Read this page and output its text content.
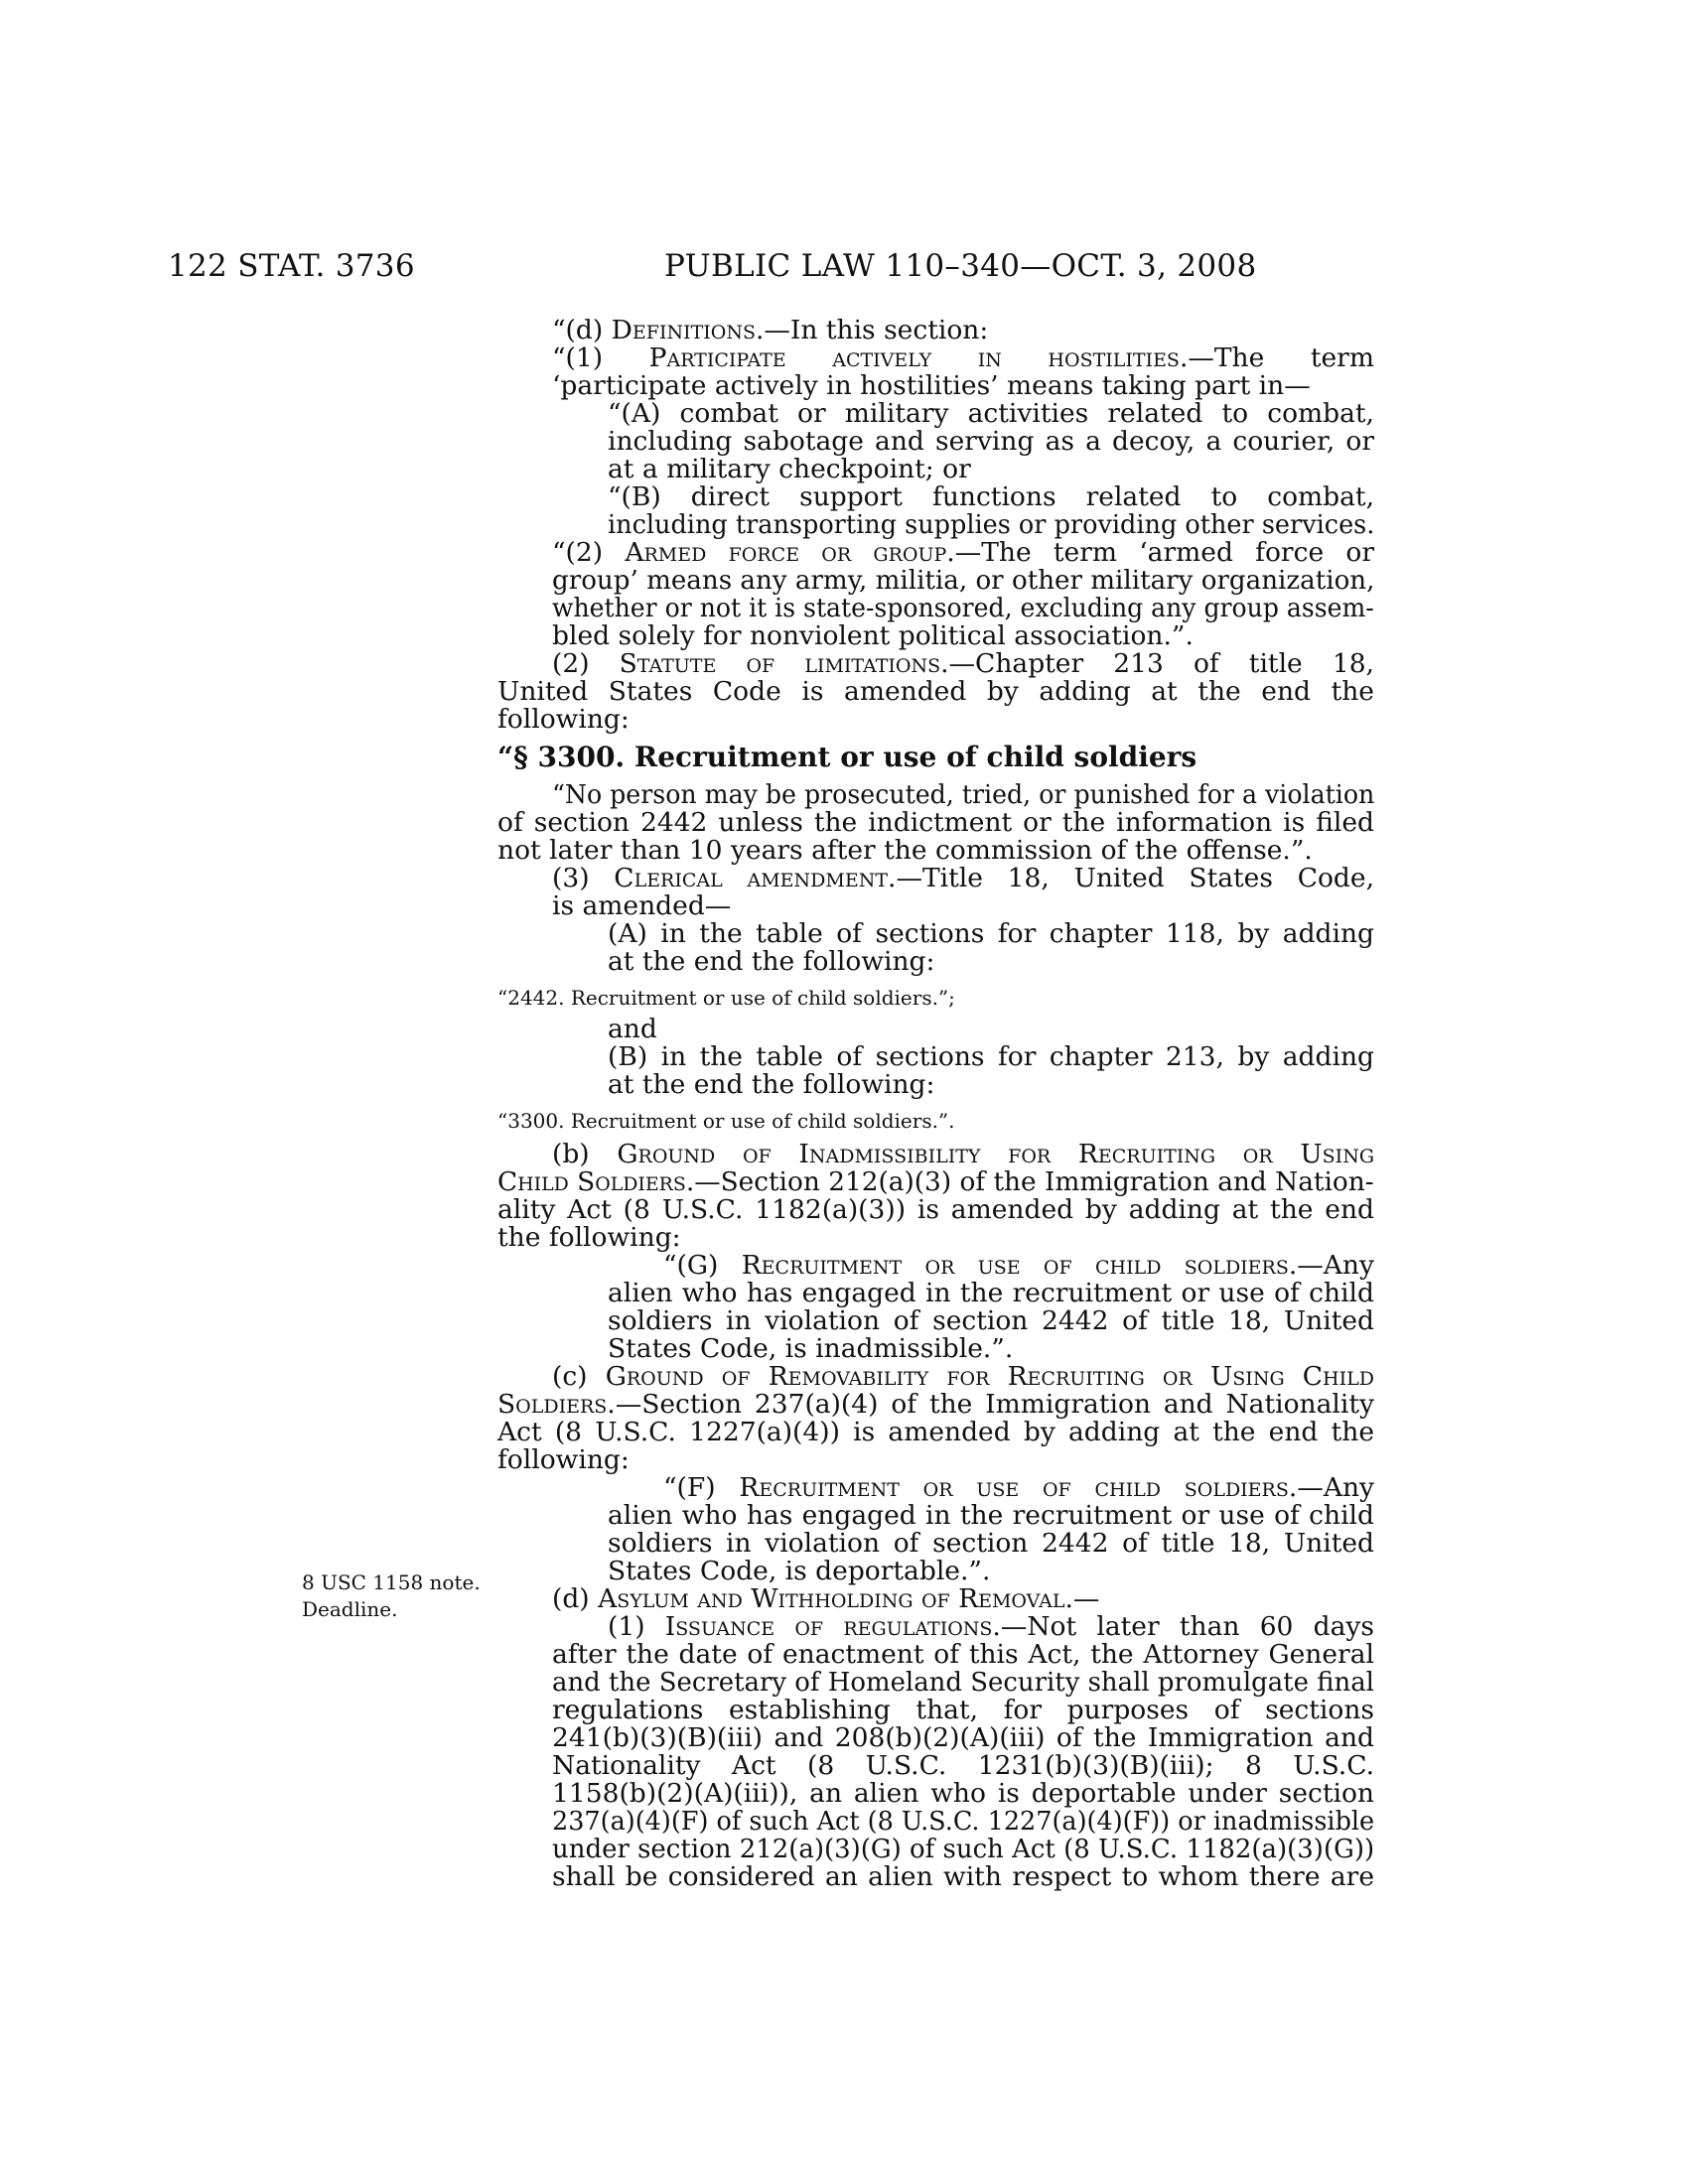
122 STAT. 3736	PUBLIC LAW 110–340—OCT. 3, 2008
8 USC 1158 note.
Deadline.
“(d) Definitions.—In this section:
“(1) Participate actively in hostilities.—The term
‘participate actively in hostilities’ means taking part in—
“(A) combat or military activities related to combat,
including sabotage and serving as a decoy, a courier, or
at a military checkpoint; or
“(B) direct support functions related to combat,
including transporting supplies or providing other services.
“(2) Armed force or group.—The term ‘armed force or
group’ means any army, militia, or other military organization,
whether or not it is state-sponsored, excluding any group assem-
bled solely for nonviolent political association.”.
(2) Statute of limitations.—Chapter 213 of title 18,
United States Code is amended by adding at the end the
following:
“§ 3300. Recruitment or use of child soldiers
“No person may be prosecuted, tried, or punished for a violation
of section 2442 unless the indictment or the information is filed
not later than 10 years after the commission of the offense.”.
(3) Clerical amendment.—Title 18, United States Code,
is amended—
(A) in the table of sections for chapter 118, by adding
at the end the following:
“2442. Recruitment or use of child soldiers.”;
and
(B) in the table of sections for chapter 213, by adding
at the end the following:
“3300. Recruitment or use of child soldiers.”.
(b) Ground of Inadmissibility for Recruiting or Using
Child Soldiers.—Section 212(a)(3) of the Immigration and Nation-
ality Act (8 U.S.C. 1182(a)(3)) is amended by adding at the end
the following:
“(G) Recruitment or use of child soldiers.—Any
alien who has engaged in the recruitment or use of child
soldiers in violation of section 2442 of title 18, United
States Code, is inadmissible.”.
(c) Ground of Removability for Recruiting or Using Child
Soldiers.—Section 237(a)(4) of the Immigration and Nationality
Act (8 U.S.C. 1227(a)(4)) is amended by adding at the end the
following:
“(F) Recruitment or use of child soldiers.—Any
alien who has engaged in the recruitment or use of child
soldiers in violation of section 2442 of title 18, United
States Code, is deportable.”.
(d) Asylum and Withholding of Removal.—
(1) Issuance of regulations.—Not later than 60 days
after the date of enactment of this Act, the Attorney General
and the Secretary of Homeland Security shall promulgate final
regulations establishing that, for purposes of sections
241(b)(3)(B)(iii) and 208(b)(2)(A)(iii) of the Immigration and
Nationality Act (8 U.S.C. 1231(b)(3)(B)(iii); 8 U.S.C.
1158(b)(2)(A)(iii)), an alien who is deportable under section
237(a)(4)(F) of such Act (8 U.S.C. 1227(a)(4)(F)) or inadmissible
under section 212(a)(3)(G) of such Act (8 U.S.C. 1182(a)(3)(G))
shall be considered an alien with respect to whom there are
